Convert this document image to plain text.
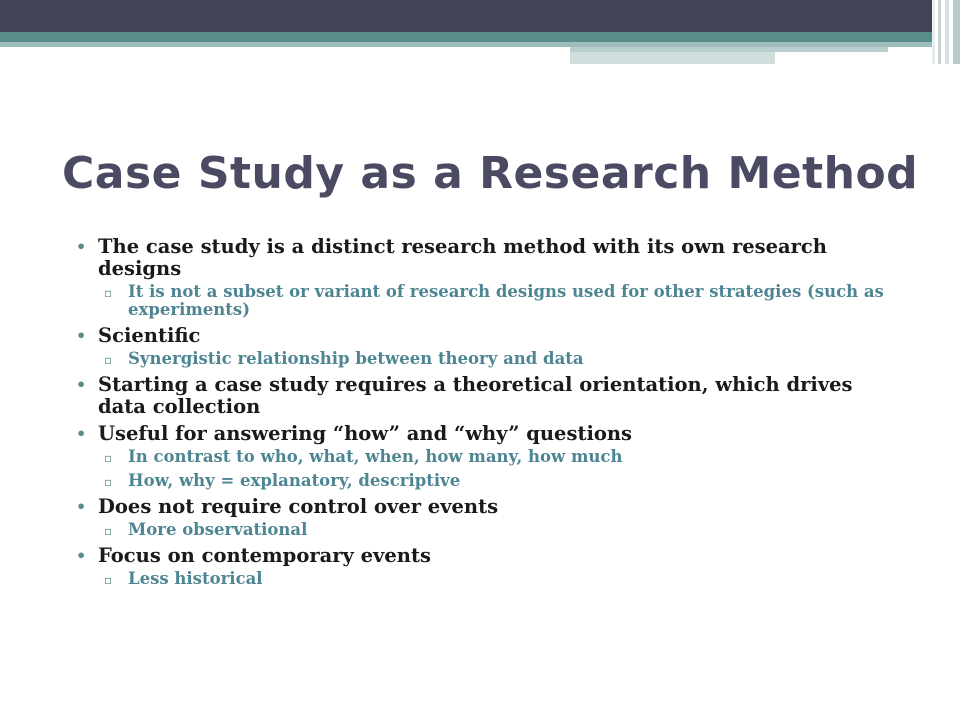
Case Study as a Research Method
• The case study is a distinct research method with its own research designs
▫ It is not a subset or variant of research designs used for other strategies (such as experiments)
• Scientific
▫ Synergistic relationship between theory and data
• Starting a case study requires a theoretical orientation, which drives data collection
• Useful for answering “how” and “why” questions
▫ In contrast to who, what, when, how many, how much
▫ How, why = explanatory, descriptive
• Does not require control over events
▫ More observational
• Focus on contemporary events
▫ Less historical
